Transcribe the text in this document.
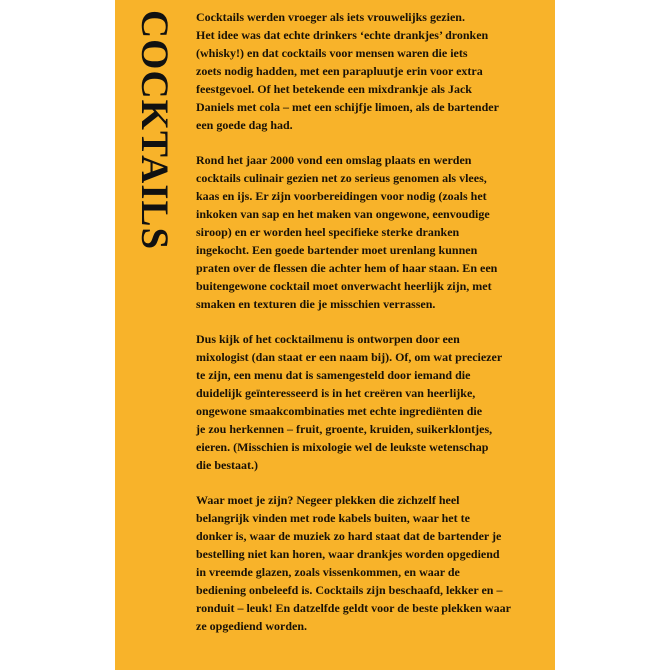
COCKTAILS Cocktails werden vroeger als iets vrouwelijks gezien.
Het idee was dat echte drinkers ‘echte drankjes’ dronken
(whisky!) en dat cocktails voor mensen waren die iets
zoets nodig hadden, met een parapluutje erin voor extra
feestgevoel. Of het betekende een mixdrankje als Jack
Daniels met cola – met een schijfje limoen, als de bartender
een goede dag had.

Rond het jaar 2000 vond een omslag plaats en werden
cocktails culinair gezien net zo serieus genomen als vlees,
kaas en ijs. Er zijn voorbereidingen voor nodig (zoals het
inkoken van sap en het maken van ongewone, eenvoudige
siroop) en er worden heel specifieke sterke dranken
ingekocht. Een goede bartender moet urenlang kunnen
praten over de flessen die achter hem of haar staan. En een
buitengewone cocktail moet onverwacht heerlijk zijn, met
smaken en texturen die je misschien verrassen.

Dus kijk of het cocktailmenu is ontworpen door een
mixologist (dan staat er een naam bij). Of, om wat preciezer
te zijn, een menu dat is samengesteld door iemand die
duidelijk geïnteresseerd is in het creëren van heerlijke,
ongewone smaakcombinaties met echte ingrediënten die
je zou herkennen – fruit, groente, kruiden, suikerklontjes,
eieren. (Misschien is mixologie wel de leukste wetenschap
die bestaat.)

Waar moet je zijn? Negeer plekken die zichzelf heel
belangrijk vinden met rode kabels buiten, waar het te
donker is, waar de muziek zo hard staat dat de bartender je
bestelling niet kan horen, waar drankjes worden opgediend
in vreemde glazen, zoals vissenkommen, en waar de
bediening onbeleefd is. Cocktails zijn beschaafd, lekker en –
ronduit – leuk! En datzelfde geldt voor de beste plekken waar
ze opgediend worden.
